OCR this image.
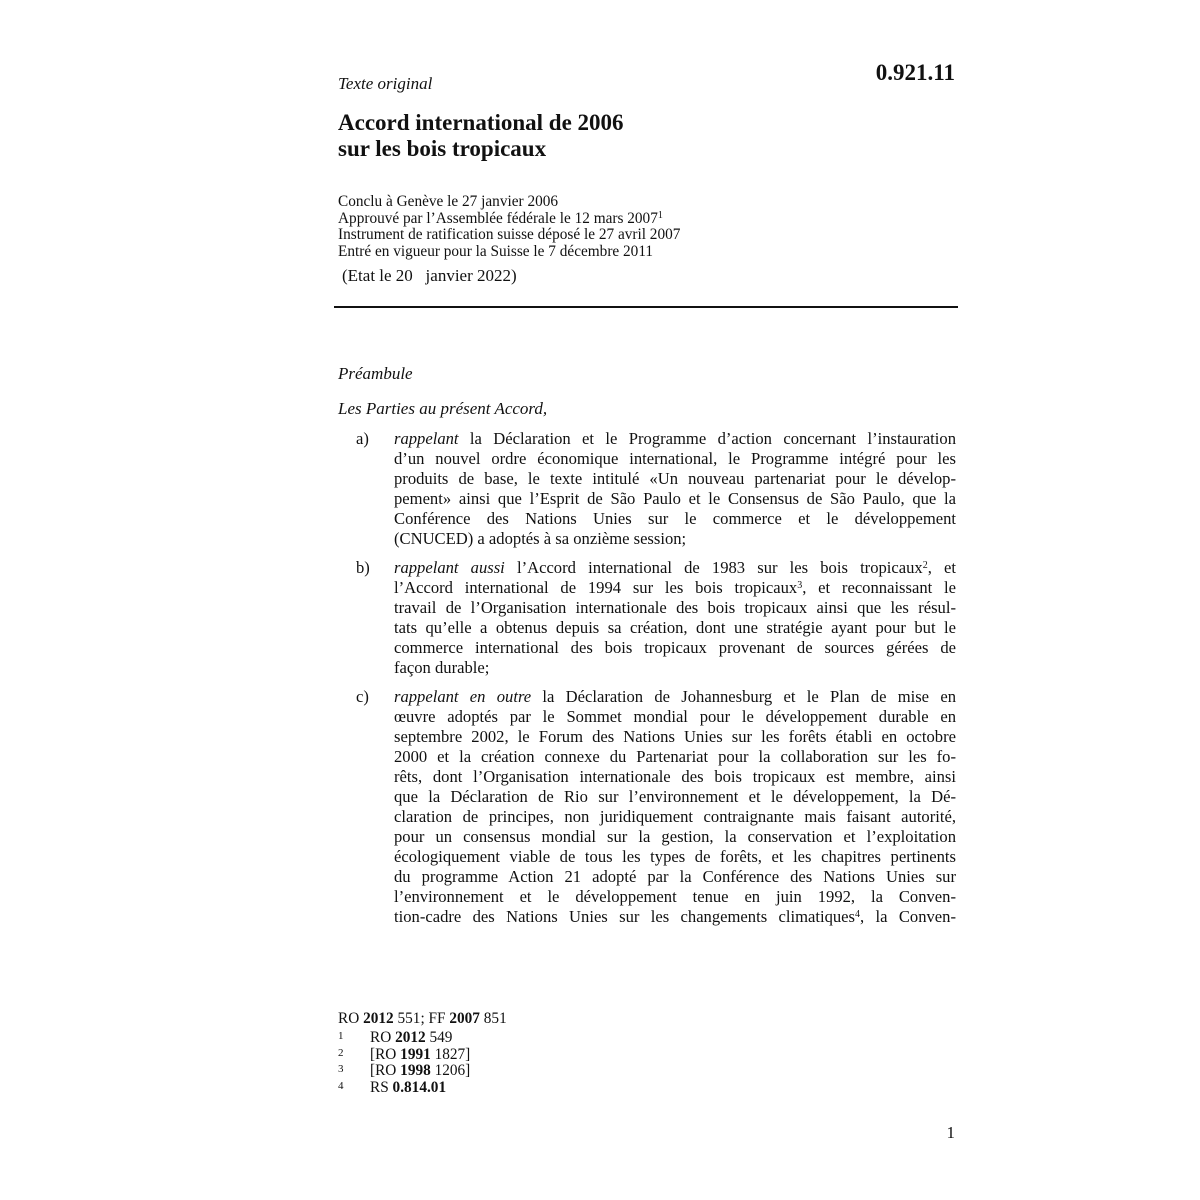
Texte original	0.921.11
Accord international de 2006
sur les bois tropicaux
Conclu à Genève le 27 janvier 2006
Approuvé par l’Assemblée fédérale le 12 mars 2007$^1$
Instrument de ratification suisse déposé le 27 avril 2007
Entré en vigueur pour la Suisse le 7 décembre 2011
(Etat le 20   janvier 2022)
Préambule
Les Parties au présent Accord,
a)	rappelant la Déclaration et le Programme d’action concernant l’instauration
d’un nouvel ordre économique international, le Programme intégré pour les
produits de base, le texte intitulé «Un nouveau partenariat pour le dévelop-
pement» ainsi que l’Esprit de São Paulo et le Consensus de São Paulo, que la
Conférence des Nations Unies sur le commerce et le développement
(CNUCED) a adoptés à sa onzième session;
b)	rappelant aussi l’Accord international de 1983 sur les bois tropicaux$^2$, et
l’Accord international de 1994 sur les bois tropicaux$^3$, et reconnaissant le
travail de l’Organisation internationale des bois tropicaux ainsi que les résul-
tats qu’elle a obtenus depuis sa création, dont une stratégie ayant pour but le
commerce international des bois tropicaux provenant de sources gérées de
façon durable;
c)	rappelant en outre la Déclaration de Johannesburg et le Plan de mise en
œuvre adoptés par le Sommet mondial pour le développement durable en
septembre 2002, le Forum des Nations Unies sur les forêts établi en octobre
2000 et la création connexe du Partenariat pour la collaboration sur les fo-
rêts, dont l’Organisation internationale des bois tropicaux est membre, ainsi
que la Déclaration de Rio sur l’environnement et le développement, la Dé-
claration de principes, non juridiquement contraignante mais faisant autorité,
pour un consensus mondial sur la gestion, la conservation et l’exploitation
écologiquement viable de tous les types de forêts, et les chapitres pertinents
du programme Action 21 adopté par la Conférence des Nations Unies sur
l’environnement et le développement tenue en juin 1992, la Conven-
tion-cadre des Nations Unies sur les changements climatiques$^4$, la Conven-
RO 2012 551; FF 2007 851
1 RO 2012 549
2 [RO 1991 1827]
3 [RO 1998 1206]
4 RS 0.814.01
1
